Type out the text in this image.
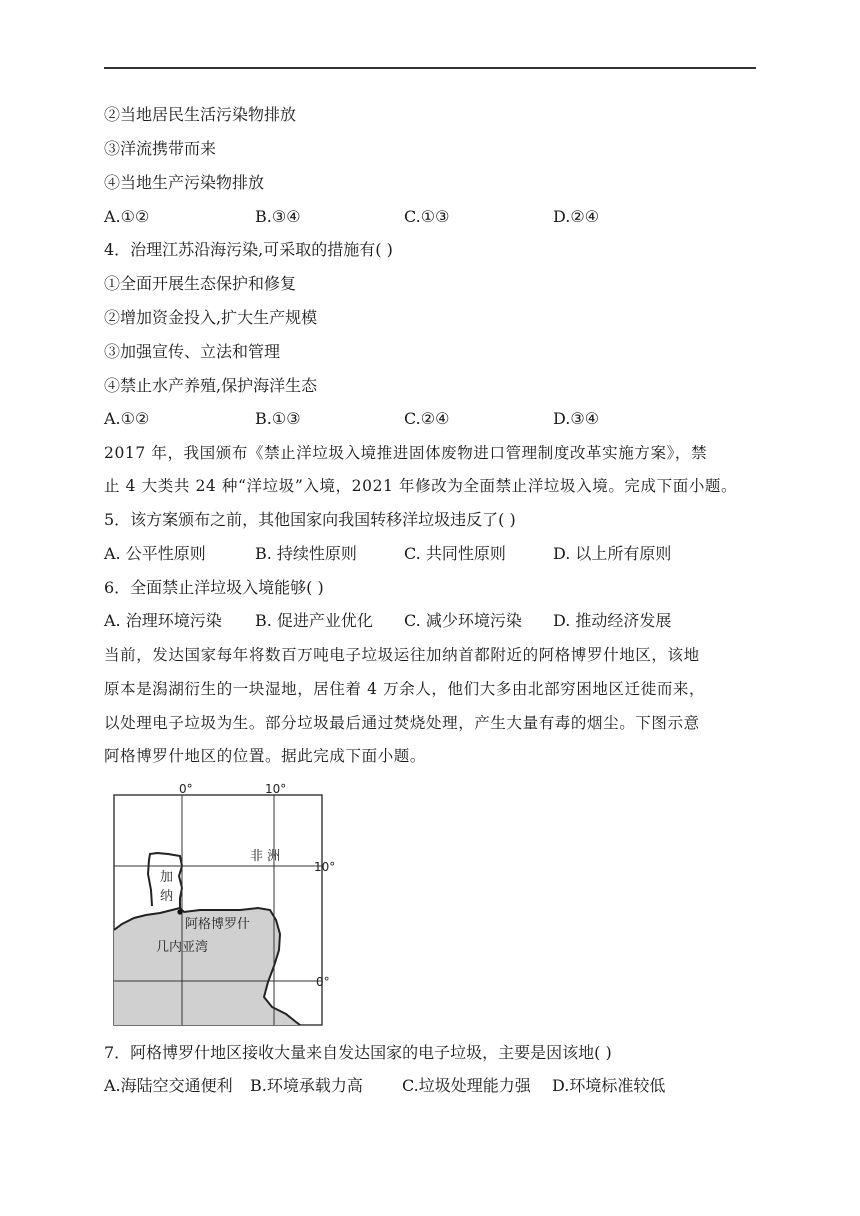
②当地居民生活污染物排放
③洋流携带而来
④当地生产污染物排放
A.①②	B.③④	C.①③	D.②④
4．治理江苏沿海污染,可采取的措施有( )
①全面开展生态保护和修复
②增加资金投入,扩大生产规模
③加强宣传、立法和管理
④禁止水产养殖,保护海洋生态
A.①②	B.①③	C.②④	D.③④
2017 年，我国颁布《禁止洋垃圾入境推进固体废物进口管理制度改革实施方案》，禁
止 4 大类共 24 种“洋垃圾”入境，2021 年修改为全面禁止洋垃圾入境。完成下面小题。
5．该方案颁布之前，其他国家向我国转移洋垃圾违反了( )
A. 公平性原则	B. 持续性原则	C. 共同性原则	D. 以上所有原则
6．全面禁止洋垃圾入境能够( )
A. 治理环境污染 B. 促进产业优化 C. 减少环境污染 D. 推动经济发展
当前，发达国家每年将数百万吨电子垃圾运往加纳首都附近的阿格博罗什地区，该地
原本是潟湖衍生的一块湿地，居住着 4 万余人，他们大多由北部穷困地区迁徙而来，
以处理电子垃圾为生。部分垃圾最后通过焚烧处理，产生大量有毒的烟尘。下图示意
阿格博罗什地区的位置。据此完成下面小题。
0°	10°
10°
0°
非 洲
加
纳
阿格博罗什
几内亚湾
7．阿格博罗什地区接收大量来自发达国家的电子垃圾，主要是因该地( )
A.海陆空交通便利 B.环境承载力高 C.垃圾处理能力强 D.环境标准较低
